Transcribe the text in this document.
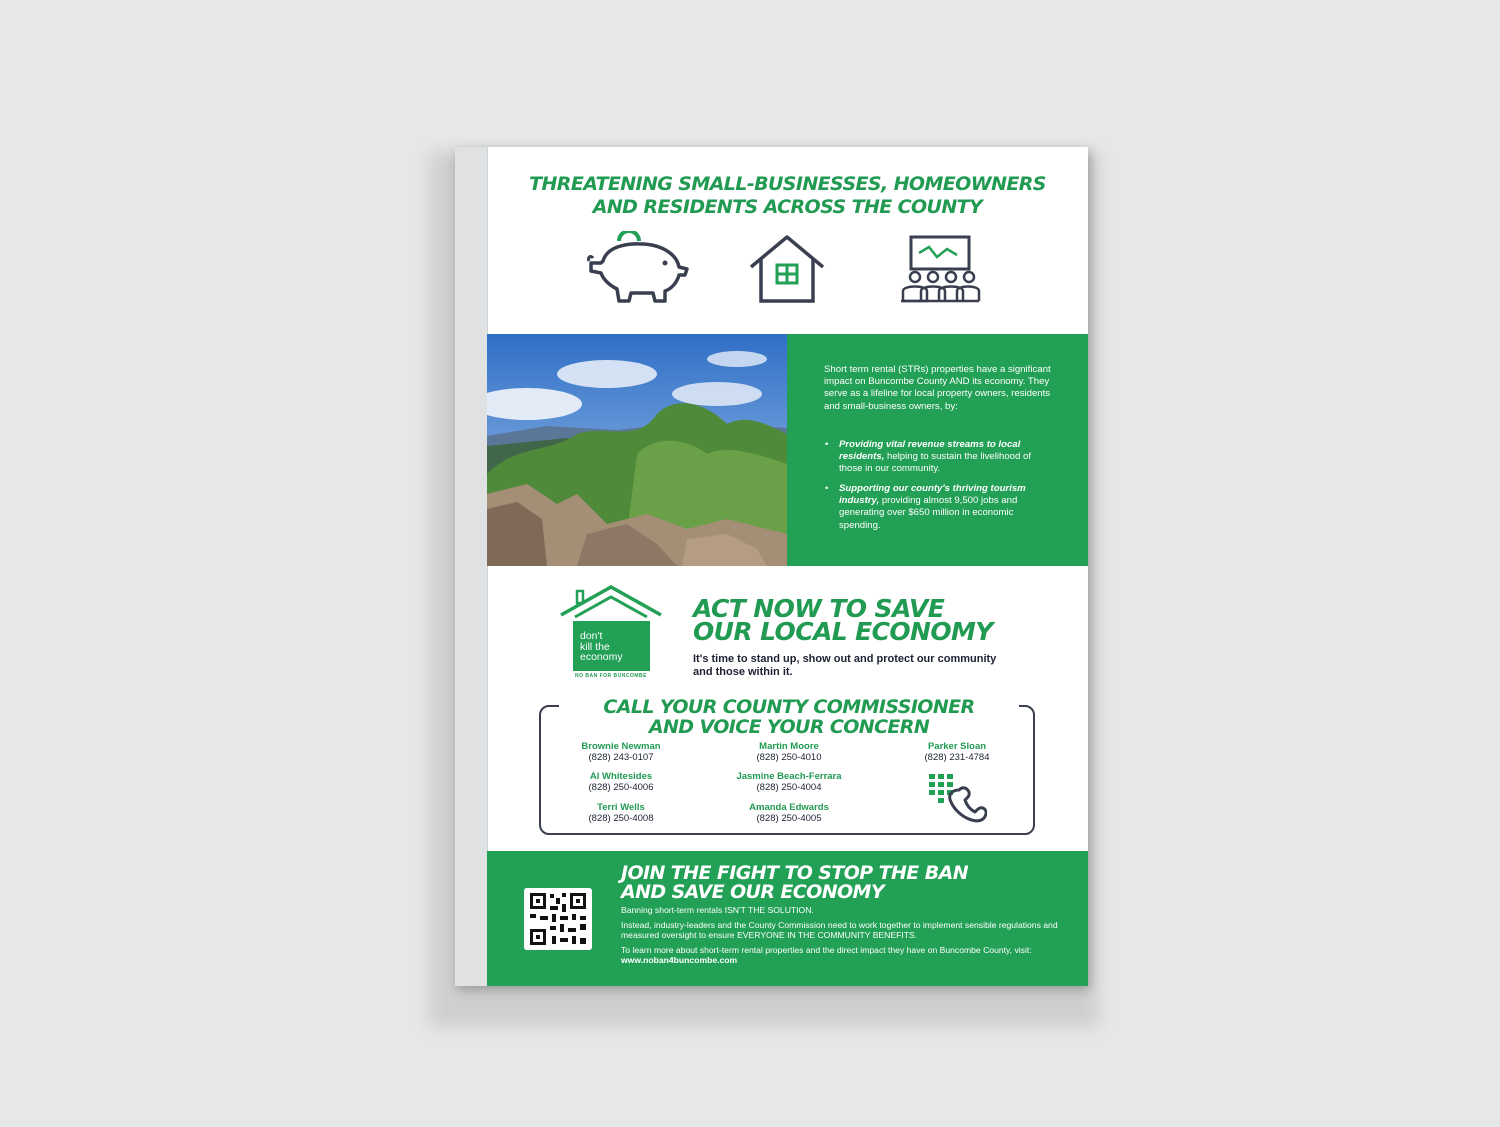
THREATENING SMALL-BUSINESSES, HOMEOWNERS
AND RESIDENTS ACROSS THE COUNTY
Short term rental (STRs) properties have a significant impact on Buncombe County AND its economy. They serve as a lifeline for local property owners, residents and small-business owners, by:
• Providing vital revenue streams to local residents, helping to sustain the livelihood of those in our community.
• Supporting our county's thriving tourism industry, providing almost 9,500 jobs and generating over $650 million in economic spending.
don't
kill the
economy
NO BAN FOR BUNCOMBE
ACT NOW TO SAVE
OUR LOCAL ECONOMY
It's time to stand up, show out and protect our community and those within it.
CALL YOUR COUNTY COMMISSIONER
AND VOICE YOUR CONCERN
Brownie Newman
(828) 243-0107
Martin Moore
(828) 250-4010
Parker Sloan
(828) 231-4784
Al Whitesides
(828) 250-4006
Jasmine Beach-Ferrara
(828) 250-4004
Terri Wells
(828) 250-4008
Amanda Edwards
(828) 250-4005
JOIN THE FIGHT TO STOP THE BAN
AND SAVE OUR ECONOMY
Banning short-term rentals ISN'T THE SOLUTION.
Instead, industry-leaders and the County Commission need to work together to implement sensible regulations and measured oversight to ensure EVERYONE IN THE COMMUNITY BENEFITS.
To learn more about short-term rental properties and the direct impact they have on Buncombe County, visit: www.noban4buncombe.com
